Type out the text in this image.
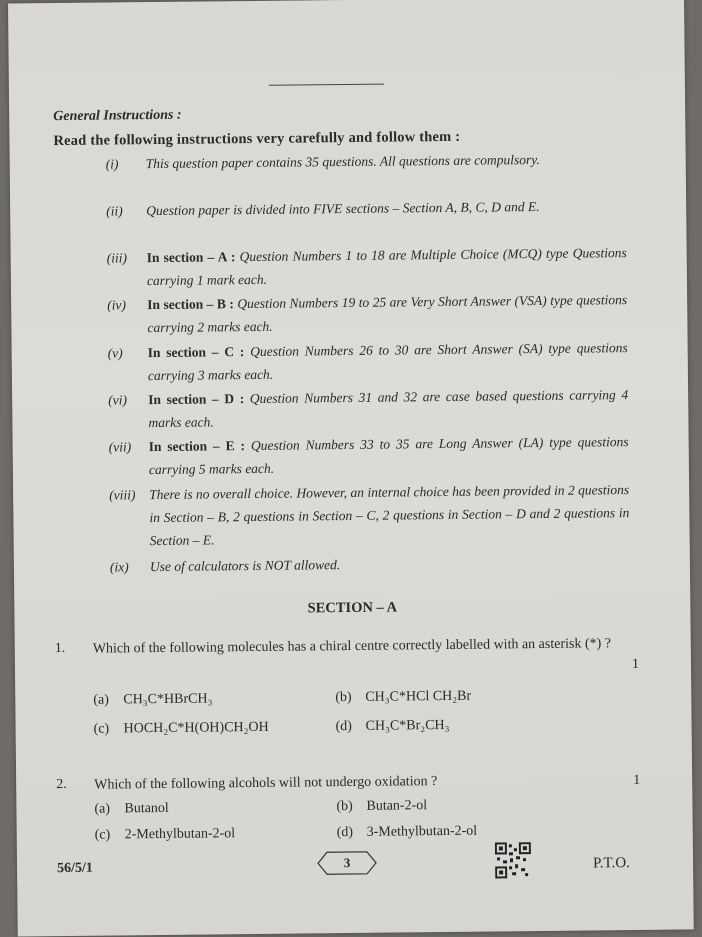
General Instructions :
Read the following instructions very carefully and follow them :
(i)	This question paper contains 35 questions. All questions are compulsory.
(ii)	Question paper is divided into FIVE sections – Section A, B, C, D and E.
(iii)	In section – A : Question Numbers 1 to 18 are Multiple Choice (MCQ) type Questions carrying 1 mark each.
(iv)	In section – B : Question Numbers 19 to 25 are Very Short Answer (VSA) type questions carrying 2 marks each.
(v)	In section – C : Question Numbers 26 to 30 are Short Answer (SA) type questions carrying 3 marks each.
(vi)	In section – D : Question Numbers 31 and 32 are case based questions carrying 4 marks each.
(vii)	In section – E : Question Numbers 33 to 35 are Long Answer (LA) type questions carrying 5 marks each.
(viii)	There is no overall choice. However, an internal choice has been provided in 2 questions in Section – B, 2 questions in Section – C, 2 questions in Section – D and 2 questions in Section – E.
(ix)	Use of calculators is NOT allowed.
SECTION – A
1. Which of the following molecules has a chiral centre correctly labelled with an asterisk (*) ?
1
(a) CH₃C*HBrCH₃	(b) CH₃C*HCl CH₂Br
(c) HOCH₂C*H(OH)CH₂OH	(d) CH₃C*Br₂CH₃
2. Which of the following alcohols will not undergo oxidation ?	1
(a) Butanol	(b) Butan-2-ol
(c) 2-Methylbutan-2-ol	(d) 3-Methylbutan-2-ol
56/5/1	3	P.T.O.
